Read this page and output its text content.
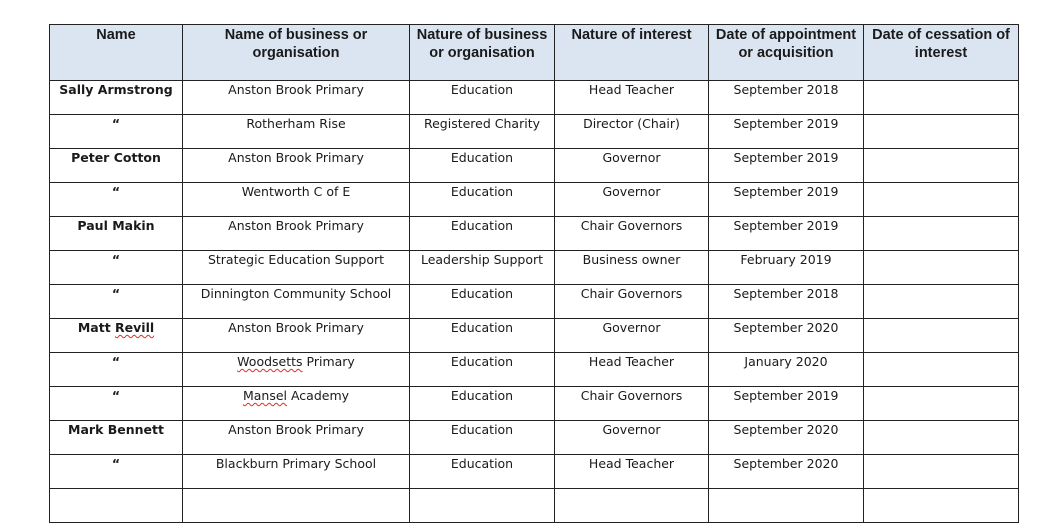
Name	Name of business or organisation	Nature of business or organisation	Nature of interest	Date of appointment or acquisition	Date of cessation of interest
Sally Armstrong	Anston Brook Primary	Education	Head Teacher	September 2018	
“	Rotherham Rise	Registered Charity	Director (Chair)	September 2019	
Peter Cotton	Anston Brook Primary	Education	Governor	September 2019	
“	Wentworth C of E	Education	Governor	September 2019	
Paul Makin	Anston Brook Primary	Education	Chair Governors	September 2019	
“	Strategic Education Support	Leadership Support	Business owner	February 2019	
“	Dinnington Community School	Education	Chair Governors	September 2018	
Matt Revill	Anston Brook Primary	Education	Governor	September 2020	
“	Woodsetts Primary	Education	Head Teacher	January 2020	
“	Mansel Academy	Education	Chair Governors	September 2019	
Mark Bennett	Anston Brook Primary	Education	Governor	September 2020	
“	Blackburn Primary School	Education	Head Teacher	September 2020	
